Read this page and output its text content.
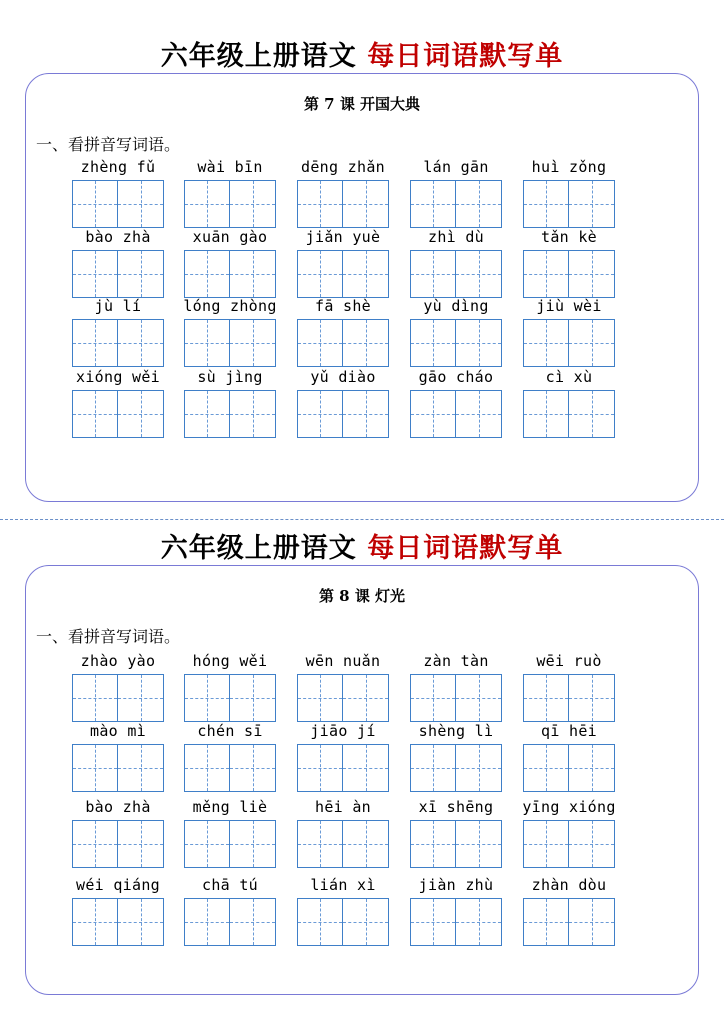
六年级上册语文 每日词语默写单
第 7 课 开国大典
一、看拼音写词语。
zhèng fǔ	wài bīn	dēng zhǎn	lán gān	huì zǒng
bào zhà	xuān gào	jiǎn yuè	zhì dù	tǎn kè
jù lí	lóng zhòng	fā shè	yù dìng	jiù wèi
xióng wěi	sù jìng	yǔ diào	gāo cháo	cì xù
六年级上册语文 每日词语默写单
第 8 课 灯光
一、看拼音写词语。
zhào yào	hóng wěi	wēn nuǎn	zàn tàn	wēi ruò
mào mì	chén sī	jiāo jí	shèng lì	qī hēi
bào zhà	měng liè	hēi àn	xī shēng	yīng xióng
wéi qiáng	chā tú	lián xì	jiàn zhù	zhàn dòu
